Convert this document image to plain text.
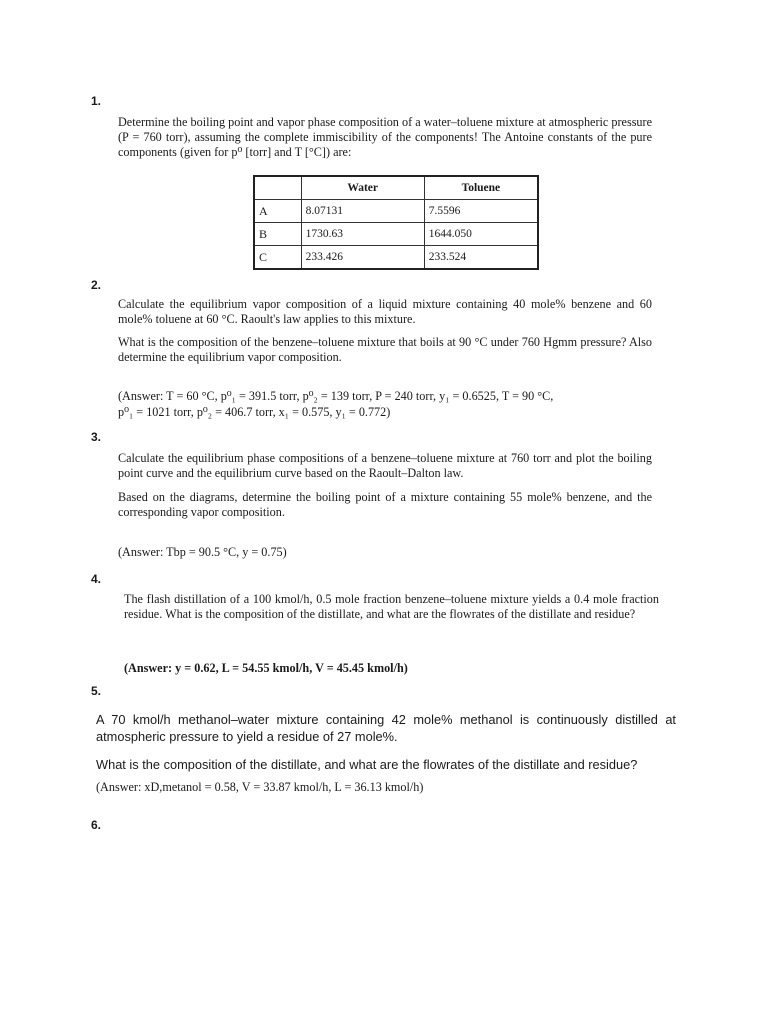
1.
Determine the boiling point and vapor phase composition of a water–toluene mixture at atmospheric pressure (P = 760 torr), assuming the complete immiscibility of the components! The Antoine constants of the pure components (given for p⁰ [torr] and T [°C]) are:
	Water	Toluene
A	8.07131	7.5596
B	1730.63	1644.050
C	233.426	233.524
2.
Calculate the equilibrium vapor composition of a liquid mixture containing 40 mole% benzene and 60 mole% toluene at 60 °C. Raoult's law applies to this mixture.
What is the composition of the benzene–toluene mixture that boils at 90 °C under 760 Hgmm pressure? Also determine the equilibrium vapor composition.
(Answer: T = 60 °C, p⁰₁ = 391.5 torr, p⁰₂ = 139 torr, P = 240 torr, y₁ = 0.6525, T = 90 °C,
p⁰₁ = 1021 torr, p⁰₂ = 406.7 torr, x₁ = 0.575, y₁ = 0.772)
3.
Calculate the equilibrium phase compositions of a benzene–toluene mixture at 760 torr and plot the boiling point curve and the equilibrium curve based on the Raoult–Dalton law.
Based on the diagrams, determine the boiling point of a mixture containing 55 mole% benzene, and the corresponding vapor composition.
(Answer: Tbp = 90.5 °C, y = 0.75)
4.
The flash distillation of a 100 kmol/h, 0.5 mole fraction benzene–toluene mixture yields a 0.4 mole fraction residue. What is the composition of the distillate, and what are the flowrates of the distillate and residue?
(Answer: y = 0.62, L = 54.55 kmol/h, V = 45.45 kmol/h)
5.
A 70 kmol/h methanol–water mixture containing 42 mole% methanol is continuously distilled at atmospheric pressure to yield a residue of 27 mole%.
What is the composition of the distillate, and what are the flowrates of the distillate and residue?
(Answer: xD,metanol = 0.58, V = 33.87 kmol/h, L = 36.13 kmol/h)
6.
